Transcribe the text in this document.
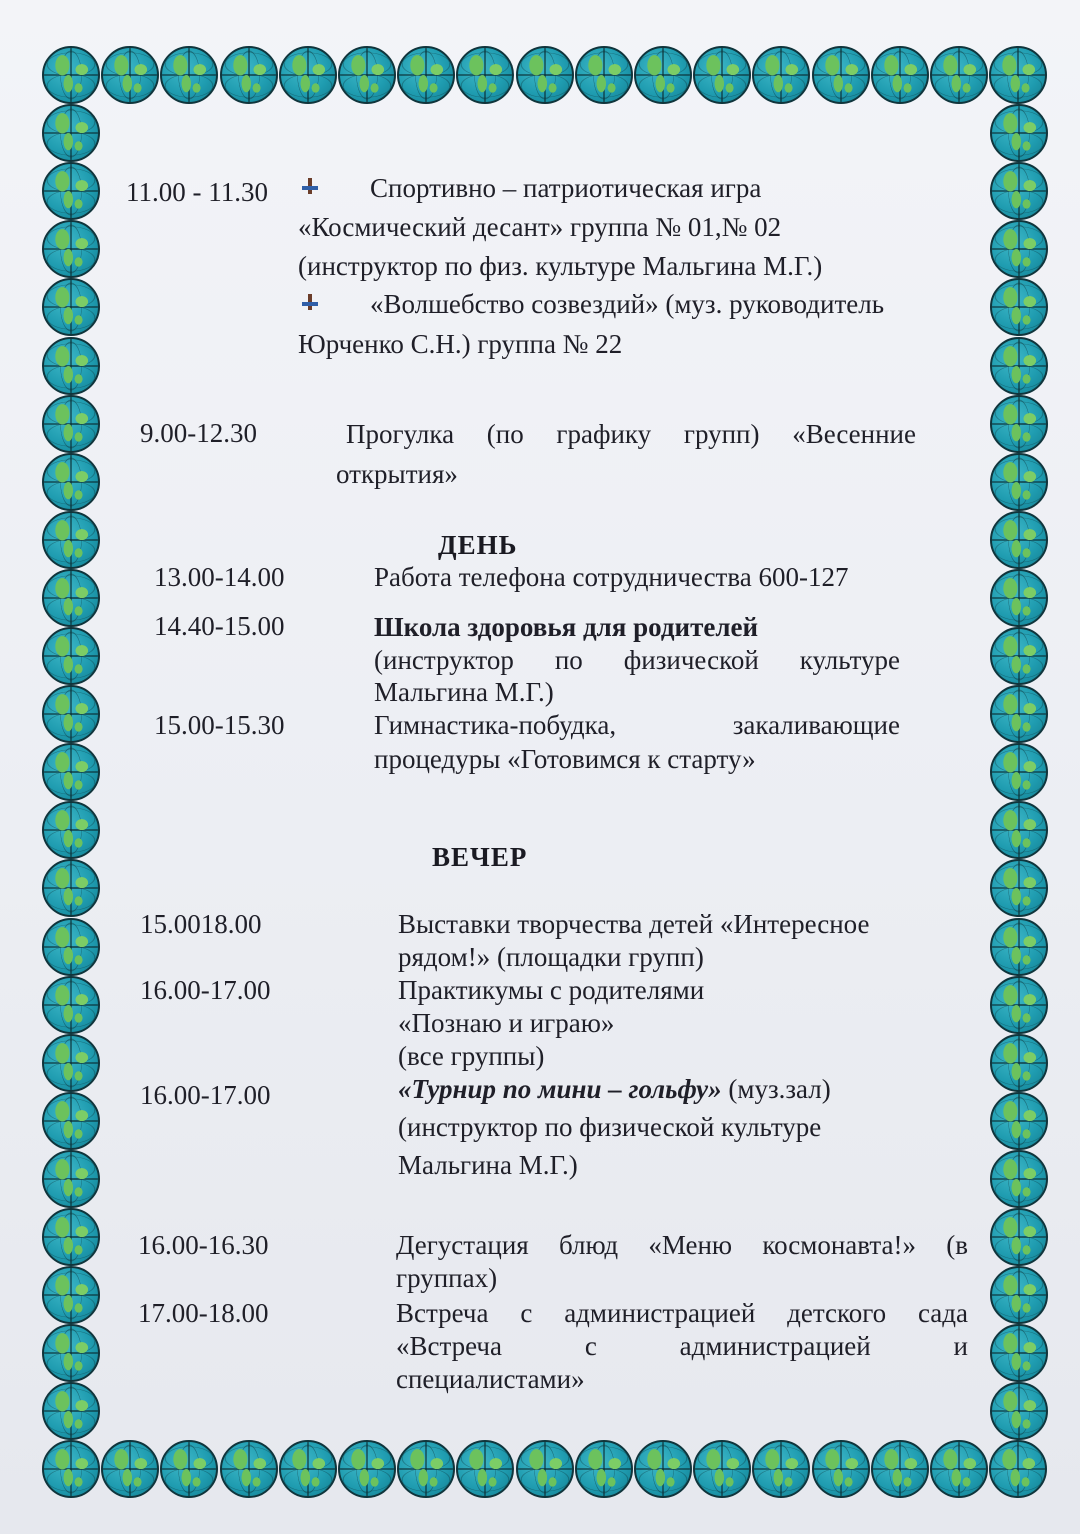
11.00 - 11.30	Спортивно – патриотическая игра
«Космический десант» группа № 01,№ 02
(инструктор по физ. культуре Мальгина М.Г.)
«Волшебство созвездий» (муз. руководитель
Юрченко С.Н.) группа № 22
9.00-12.30	Прогулка (по графику групп) «Весенние
открытия»
ДЕНЬ
13.00-14.00	Работа телефона сотрудничества 600-127
14.40-15.00	Школа здоровья для родителей
(инструктор по физической культуре
Мальгина М.Г.)
15.00-15.30	Гимнастика-побудка, закаливающие
процедуры «Готовимся к старту»
ВЕЧЕР
15.0018.00	Выставки творчества детей «Интересное
рядом!» (площадки групп)
16.00-17.00	Практикумы с родителями
«Познаю и играю»
(все группы)
16.00-17.00	«Турнир по мини – гольфу» (муз.зал)
(инструктор по физической культуре
Мальгина М.Г.)
16.00-16.30	Дегустация блюд «Меню космонавта!» (в
группах)
17.00-18.00	Встреча с администрацией детского сада
«Встреча с администрацией и
специалистами»
